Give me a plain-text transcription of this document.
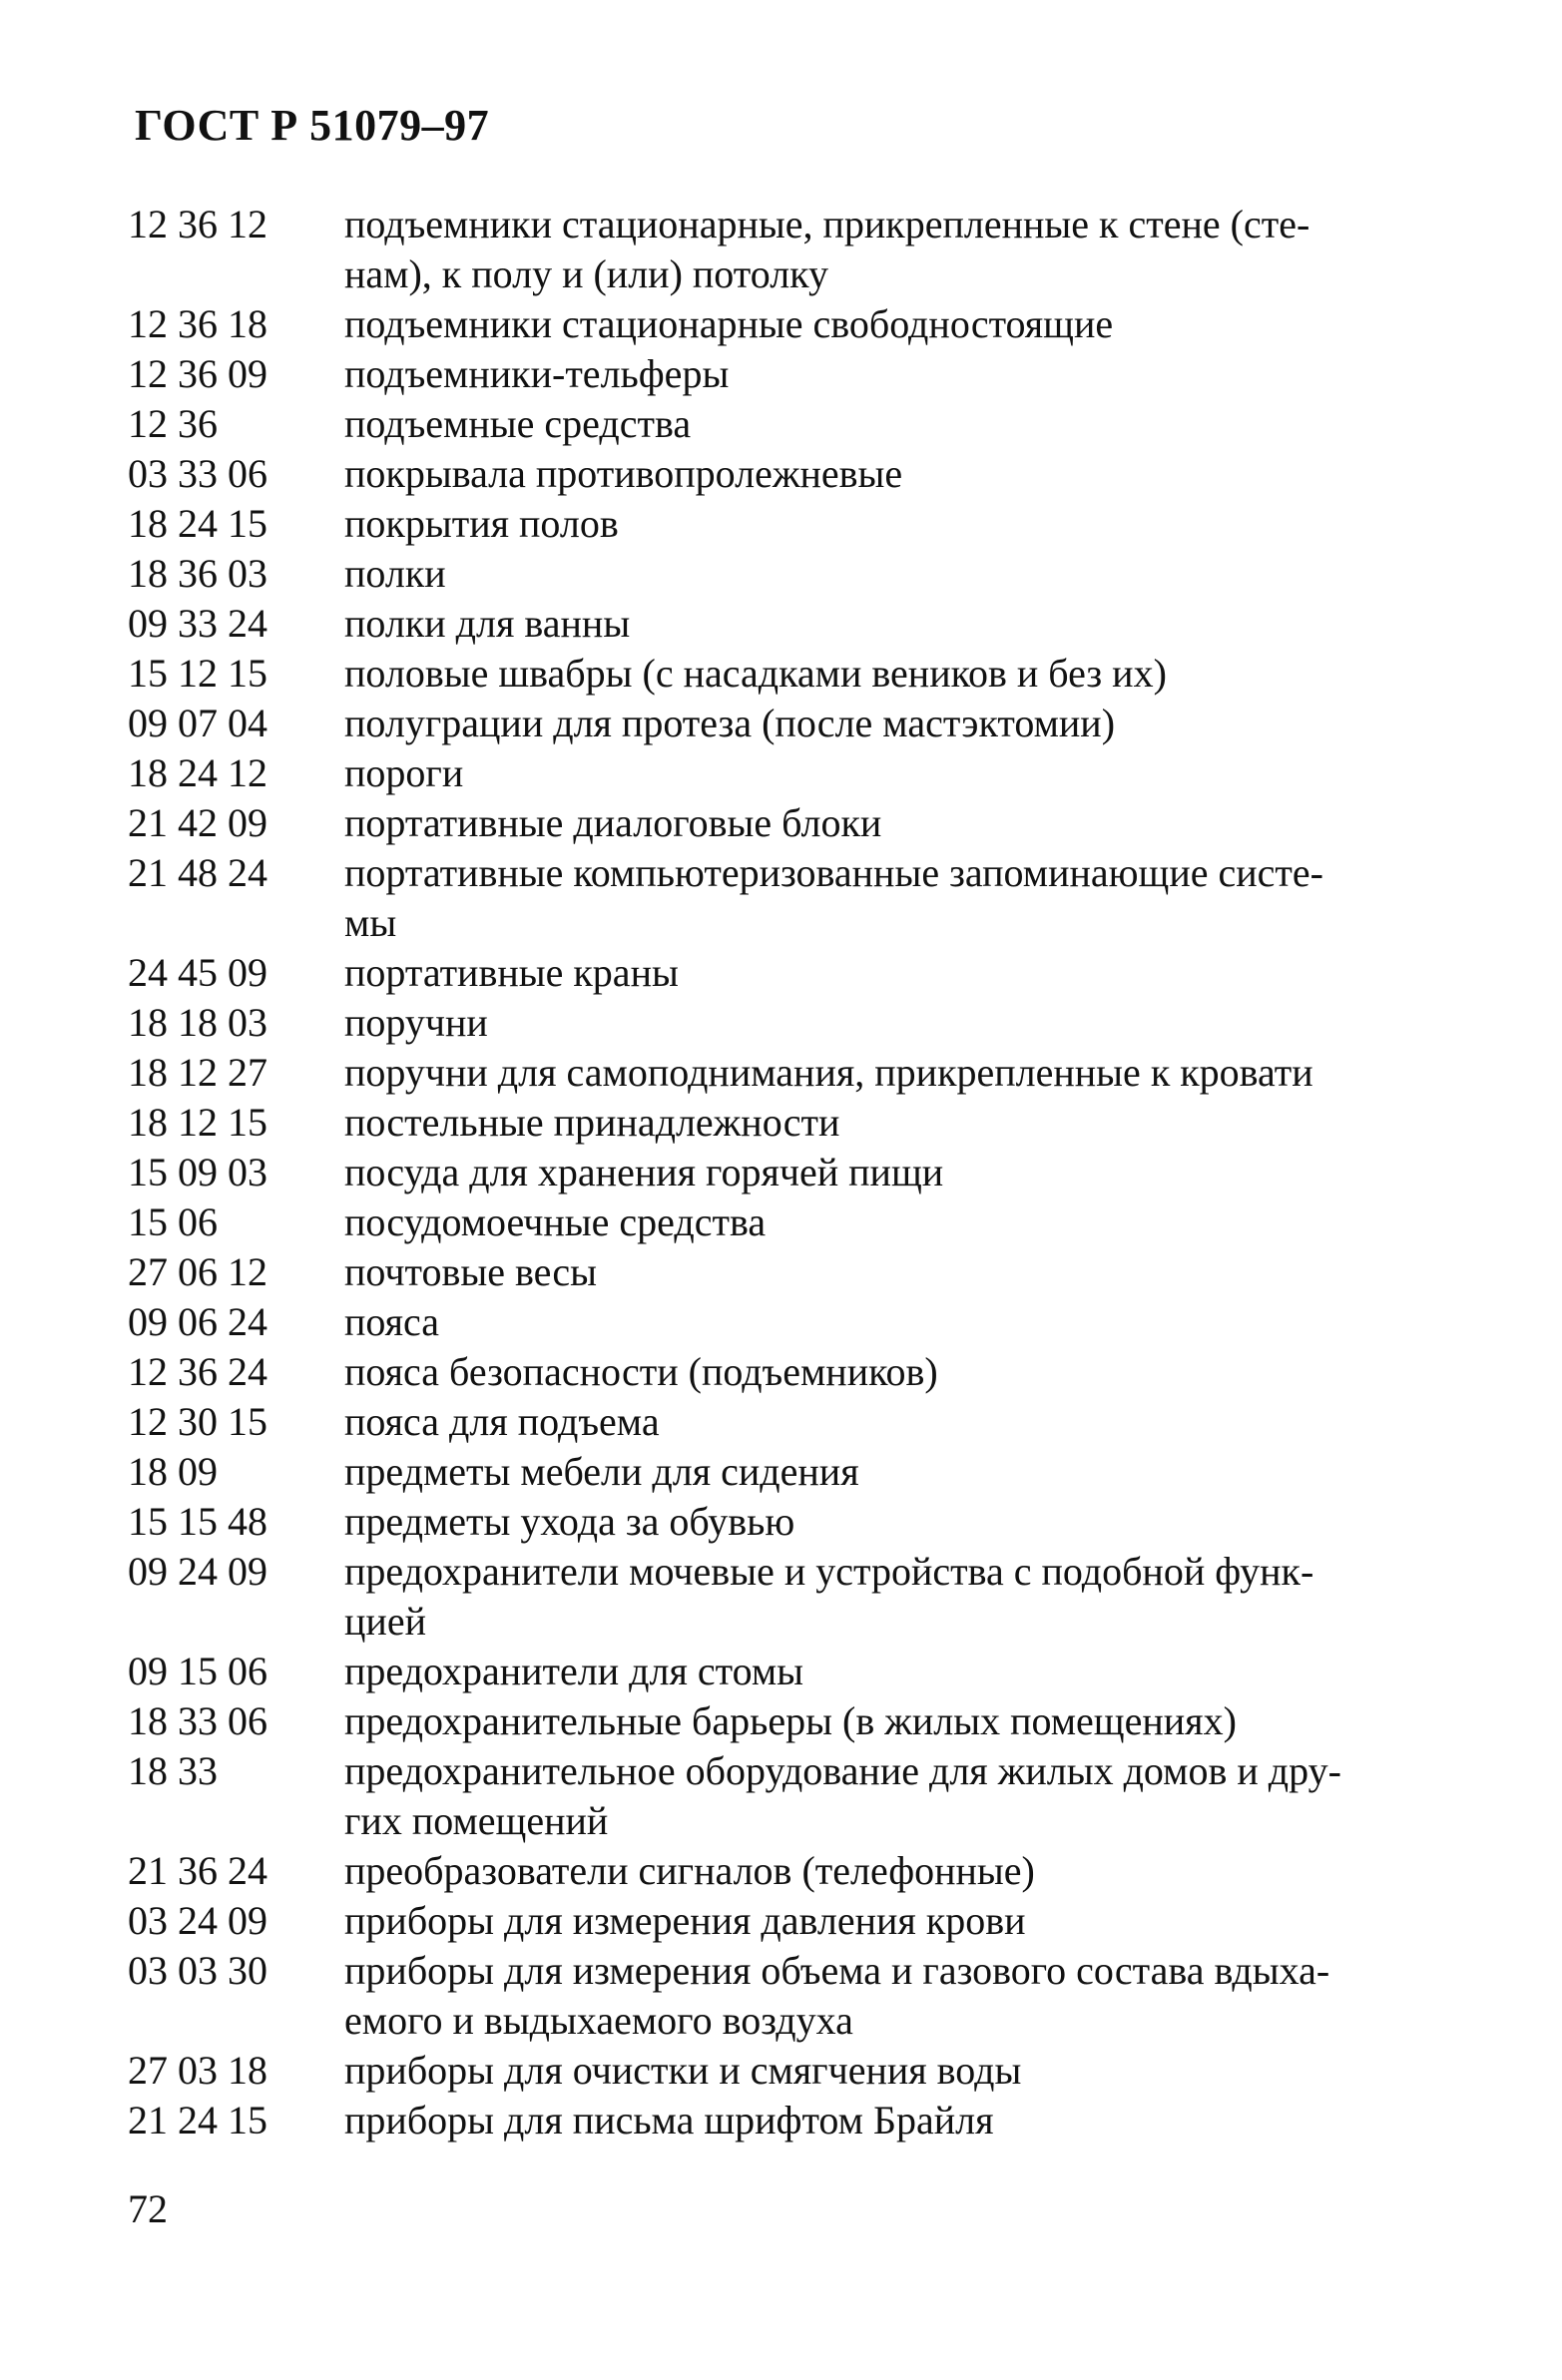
ГОСТ Р 51079–97
12 36 12	подъемники стационарные, прикрепленные к стене (сте-
нам), к полу и (или) потолку
12 36 18	подъемники стационарные свободностоящие
12 36 09	подъемники-тельферы
12 36	подъемные средства
03 33 06	покрывала противопролежневые
18 24 15	покрытия полов
18 36 03	полки
09 33 24	полки для ванны
15 12 15	половые швабры (с насадками веников и без их)
09 07 04	полуграции для протеза (после мастэктомии)
18 24 12	пороги
21 42 09	портативные диалоговые блоки
21 48 24	портативные компьютеризованные запоминающие систе-
мы
24 45 09	портативные краны
18 18 03	поручни
18 12 27	поручни для самоподнимания, прикрепленные к кровати
18 12 15	постельные принадлежности
15 09 03	посуда для хранения горячей пищи
15 06	посудомоечные средства
27 06 12	почтовые весы
09 06 24	пояса
12 36 24	пояса безопасности (подъемников)
12 30 15	пояса для подъема
18 09	предметы мебели для сидения
15 15 48	предметы ухода за обувью
09 24 09	предохранители мочевые и устройства с подобной функ-
цией
09 15 06	предохранители для стомы
18 33 06	предохранительные барьеры (в жилых помещениях)
18 33	предохранительное оборудование для жилых домов и дру-
гих помещений
21 36 24	преобразователи сигналов (телефонные)
03 24 09	приборы для измерения давления крови
03 03 30	приборы для измерения объема и газового состава вдыха-
емого и выдыхаемого воздуха
27 03 18	приборы для очистки и смягчения воды
21 24 15	приборы для письма шрифтом Брайля
72
